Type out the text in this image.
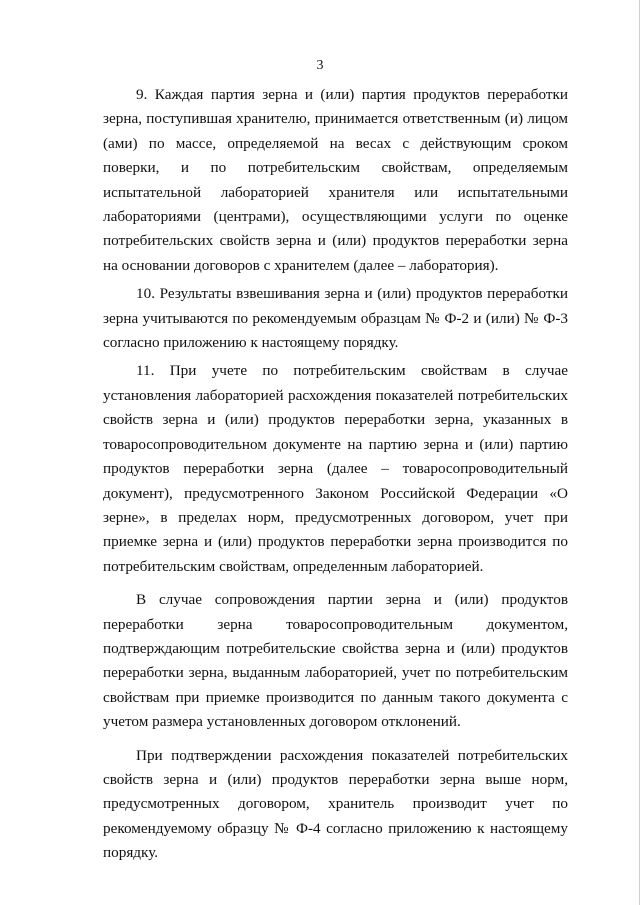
3

9. Каждая партия зерна и (или) партия продуктов переработки зерна, поступившая хранителю, принимается ответственным (и) лицом (ами) по массе, определяемой на весах с действующим сроком поверки, и по потребительским свойствам, определяемым испытательной лабораторией хранителя или испытательными лабораториями (центрами), осуществляющими услуги по оценке потребительских свойств зерна и (или) продуктов переработки зерна на основании договоров с хранителем (далее – лаборатория).

10. Результаты взвешивания зерна и (или) продуктов переработки зерна учитываются по рекомендуемым образцам № Ф-2 и (или) № Ф-3 согласно приложению к настоящему порядку.

11. При учете по потребительским свойствам в случае установления лабораторией расхождения показателей потребительских свойств зерна и (или) продуктов переработки зерна, указанных в товаросопроводительном документе на партию зерна и (или) партию продуктов переработки зерна (далее – товаросопроводительный документ), предусмотренного Законом Российской Федерации «О зерне», в пределах норм, предусмотренных договором, учет при приемке зерна и (или) продуктов переработки зерна производится по потребительским свойствам, определенным лабораторией.

В случае сопровождения партии зерна и (или) продуктов переработки зерна товаросопроводительным документом, подтверждающим потребительские свойства зерна и (или) продуктов переработки зерна, выданным лабораторией, учет по потребительским свойствам при приемке производится по данным такого документа с учетом размера установленных договором отклонений.

При подтверждении расхождения показателей потребительских свойств зерна и (или) продуктов переработки зерна выше норм, предусмотренных договором, хранитель производит учет по рекомендуемому образцу № Ф-4 согласно приложению к настоящему порядку.
